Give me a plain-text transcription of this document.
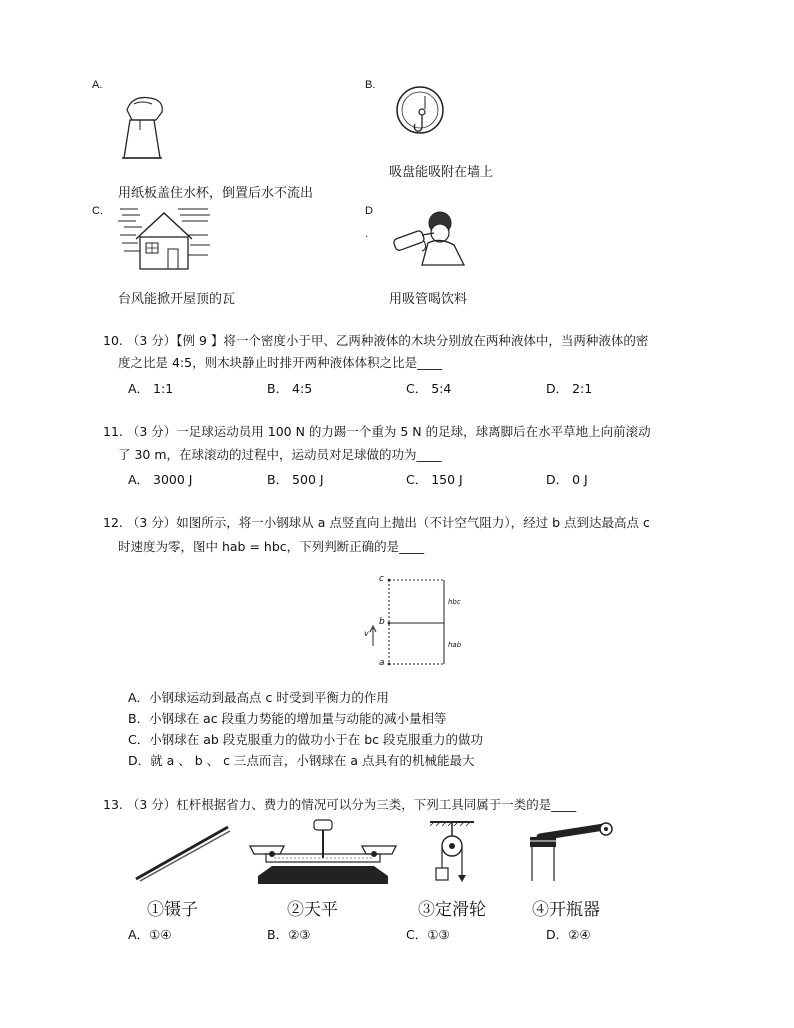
A.
用纸板盖住水杯，倒置后水不流出
B.
吸盘能吸附在墙上
C.
台风能掀开屋顶的瓦
D
.
用吸管喝饮料
10. （3 分）【例 9 】将一个密度小于甲、乙两种液体的木块分别放在两种液体中，当两种液体的密
度之比是 4:5，则木块静止时排开两种液体体积之比是____
A． 1:1	B． 4:5	C． 5:4	D． 2:1
11. （3 分）一足球运动员用 100 N 的力踢一个重为 5 N 的足球，球离脚后在水平草地上向前滚动
了 30 m，在球滚动的过程中，运动员对足球做的功为____
A． 3000 J	B． 500 J	C． 150 J	D． 0 J
12. （3 分）如图所示，将一小钢球从 a 点竖直向上抛出（不计空气阻力），经过 b 点到达最高点 c
时速度为零，图中 hab = hbc，下列判断正确的是____
c
b
a
v
hbc
hab
A．小钢球运动到最高点 c 时受到平衡力的作用
B．小钢球在 ac 段重力势能的增加量与动能的减小量相等
C．小钢球在 ab 段克服重力的做功小于在 bc 段克服重力的做功
D．就 a 、 b 、 c 三点而言，小钢球在 a 点具有的机械能最大
13. （3 分）杠杆根据省力、费力的情况可以分为三类，下列工具同属于一类的是____
①镊子	②天平	③定滑轮	④开瓶器
A．①④	B．②③	C．①③	D．②④
